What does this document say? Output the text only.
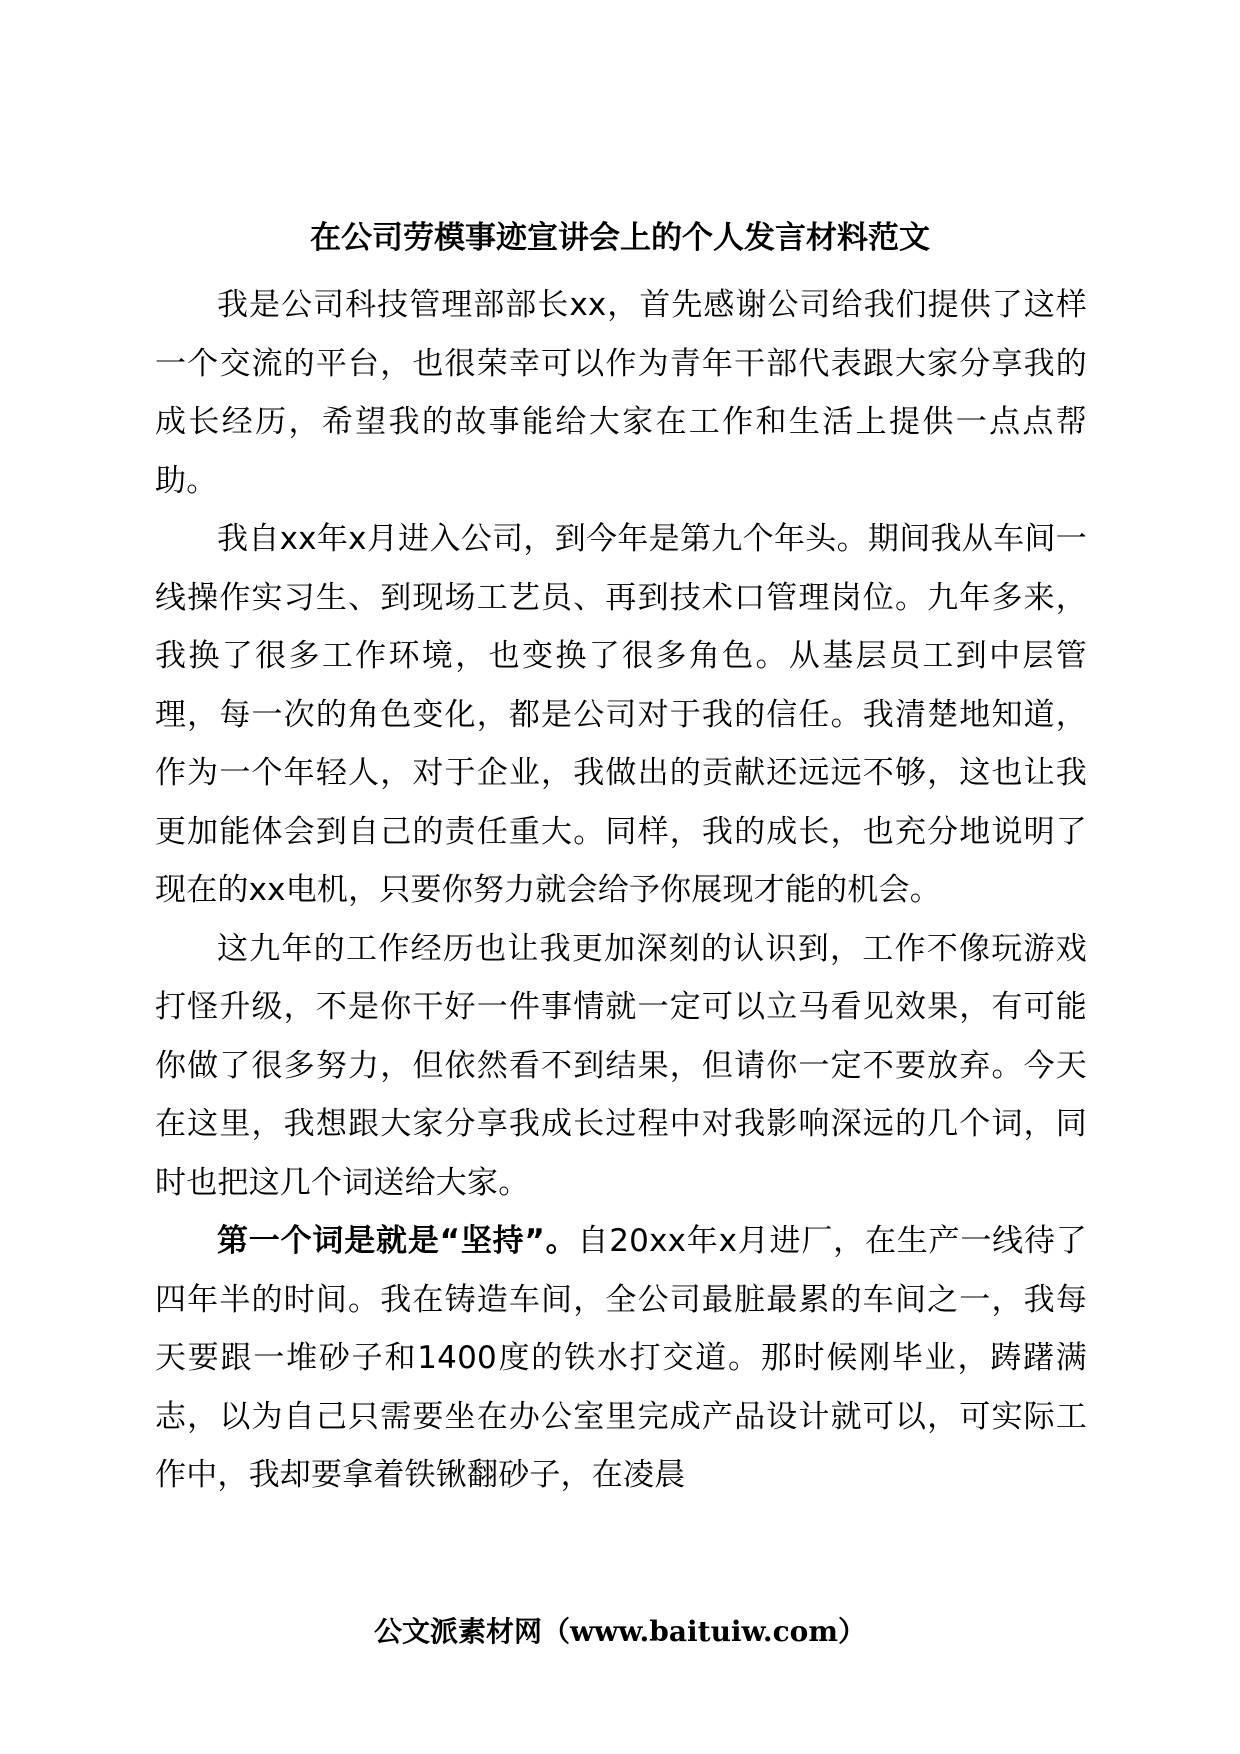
在公司劳模事迹宣讲会上的个人发言材料范文

我是公司科技管理部部长xx，首先感谢公司给我们提供了这样一个交流的平台，也很荣幸可以作为青年干部代表跟大家分享我的成长经历，希望我的故事能给大家在工作和生活上提供一点点帮助。

我自xx年x月进入公司，到今年是第九个年头。期间我从车间一线操作实习生、到现场工艺员、再到技术口管理岗位。九年多来，我换了很多工作环境，也变换了很多角色。从基层员工到中层管理，每一次的角色变化，都是公司对于我的信任。我清楚地知道，作为一个年轻人，对于企业，我做出的贡献还远远不够，这也让我更加能体会到自己的责任重大。同样，我的成长，也充分地说明了现在的xx电机，只要你努力就会给予你展现才能的机会。

这九年的工作经历也让我更加深刻的认识到，工作不像玩游戏打怪升级，不是你干好一件事情就一定可以立马看见效果，有可能你做了很多努力，但依然看不到结果，但请你一定不要放弃。今天在这里，我想跟大家分享我成长过程中对我影响深远的几个词，同时也把这几个词送给大家。

第一个词是就是“坚持”。自20xx年x月进厂，在生产一线待了四年半的时间。我在铸造车间，全公司最脏最累的车间之一，我每天要跟一堆砂子和1400度的铁水打交道。那时候刚毕业，踌躇满志，以为自己只需要坐在办公室里完成产品设计就可以，可实际工作中，我却要拿着铁锹翻砂子，在凌晨

公文派素材网（www.baituiw.com）
